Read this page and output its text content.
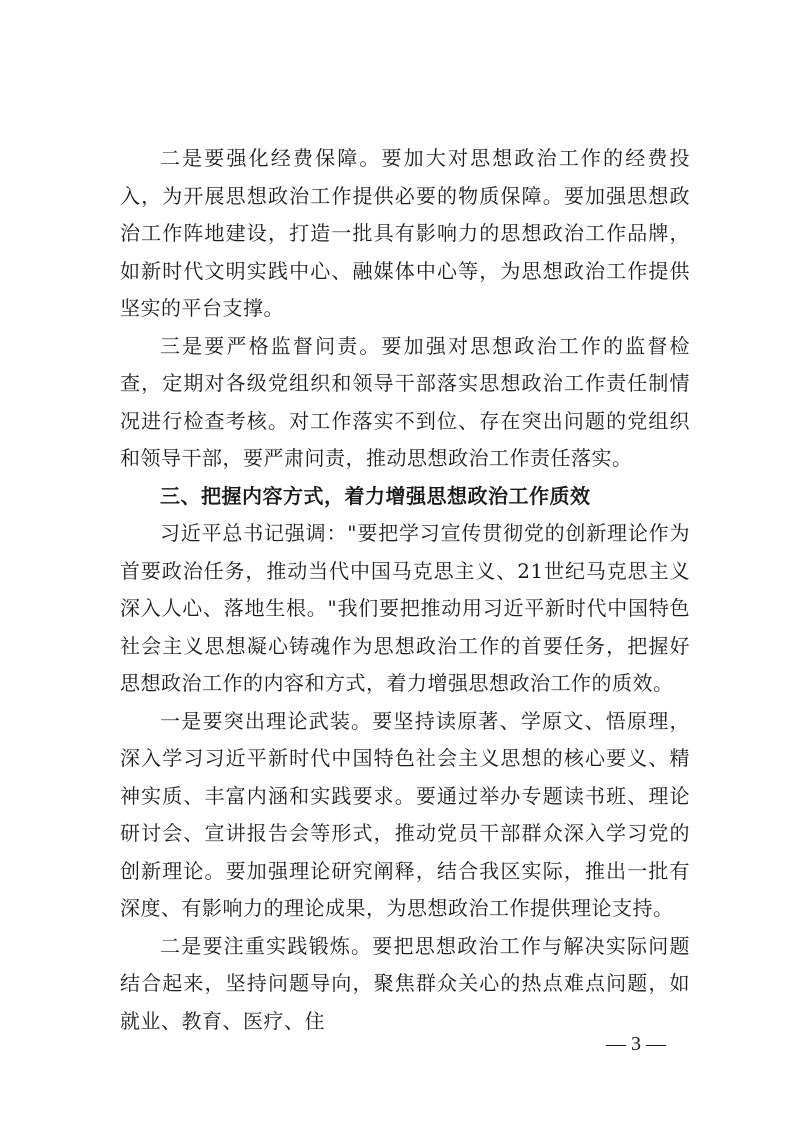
二是要强化经费保障。要加大对思想政治工作的经费投入，为开展思想政治工作提供必要的物质保障。要加强思想政治工作阵地建设，打造一批具有影响力的思想政治工作品牌，如新时代文明实践中心、融媒体中心等，为思想政治工作提供坚实的平台支撑。

三是要严格监督问责。要加强对思想政治工作的监督检查，定期对各级党组织和领导干部落实思想政治工作责任制情况进行检查考核。对工作落实不到位、存在突出问题的党组织和领导干部，要严肃问责，推动思想政治工作责任落实。

三、把握内容方式，着力增强思想政治工作质效

习近平总书记强调："要把学习宣传贯彻党的创新理论作为首要政治任务，推动当代中国马克思主义、21世纪马克思主义深入人心、落地生根。"我们要把推动用习近平新时代中国特色社会主义思想凝心铸魂作为思想政治工作的首要任务，把握好思想政治工作的内容和方式，着力增强思想政治工作的质效。

一是要突出理论武装。要坚持读原著、学原文、悟原理，深入学习习近平新时代中国特色社会主义思想的核心要义、精神实质、丰富内涵和实践要求。要通过举办专题读书班、理论研讨会、宣讲报告会等形式，推动党员干部群众深入学习党的创新理论。要加强理论研究阐释，结合我区实际，推出一批有深度、有影响力的理论成果，为思想政治工作提供理论支持。

二是要注重实践锻炼。要把思想政治工作与解决实际问题结合起来，坚持问题导向，聚焦群众关心的热点难点问题，如就业、教育、医疗、住

— 3 —
